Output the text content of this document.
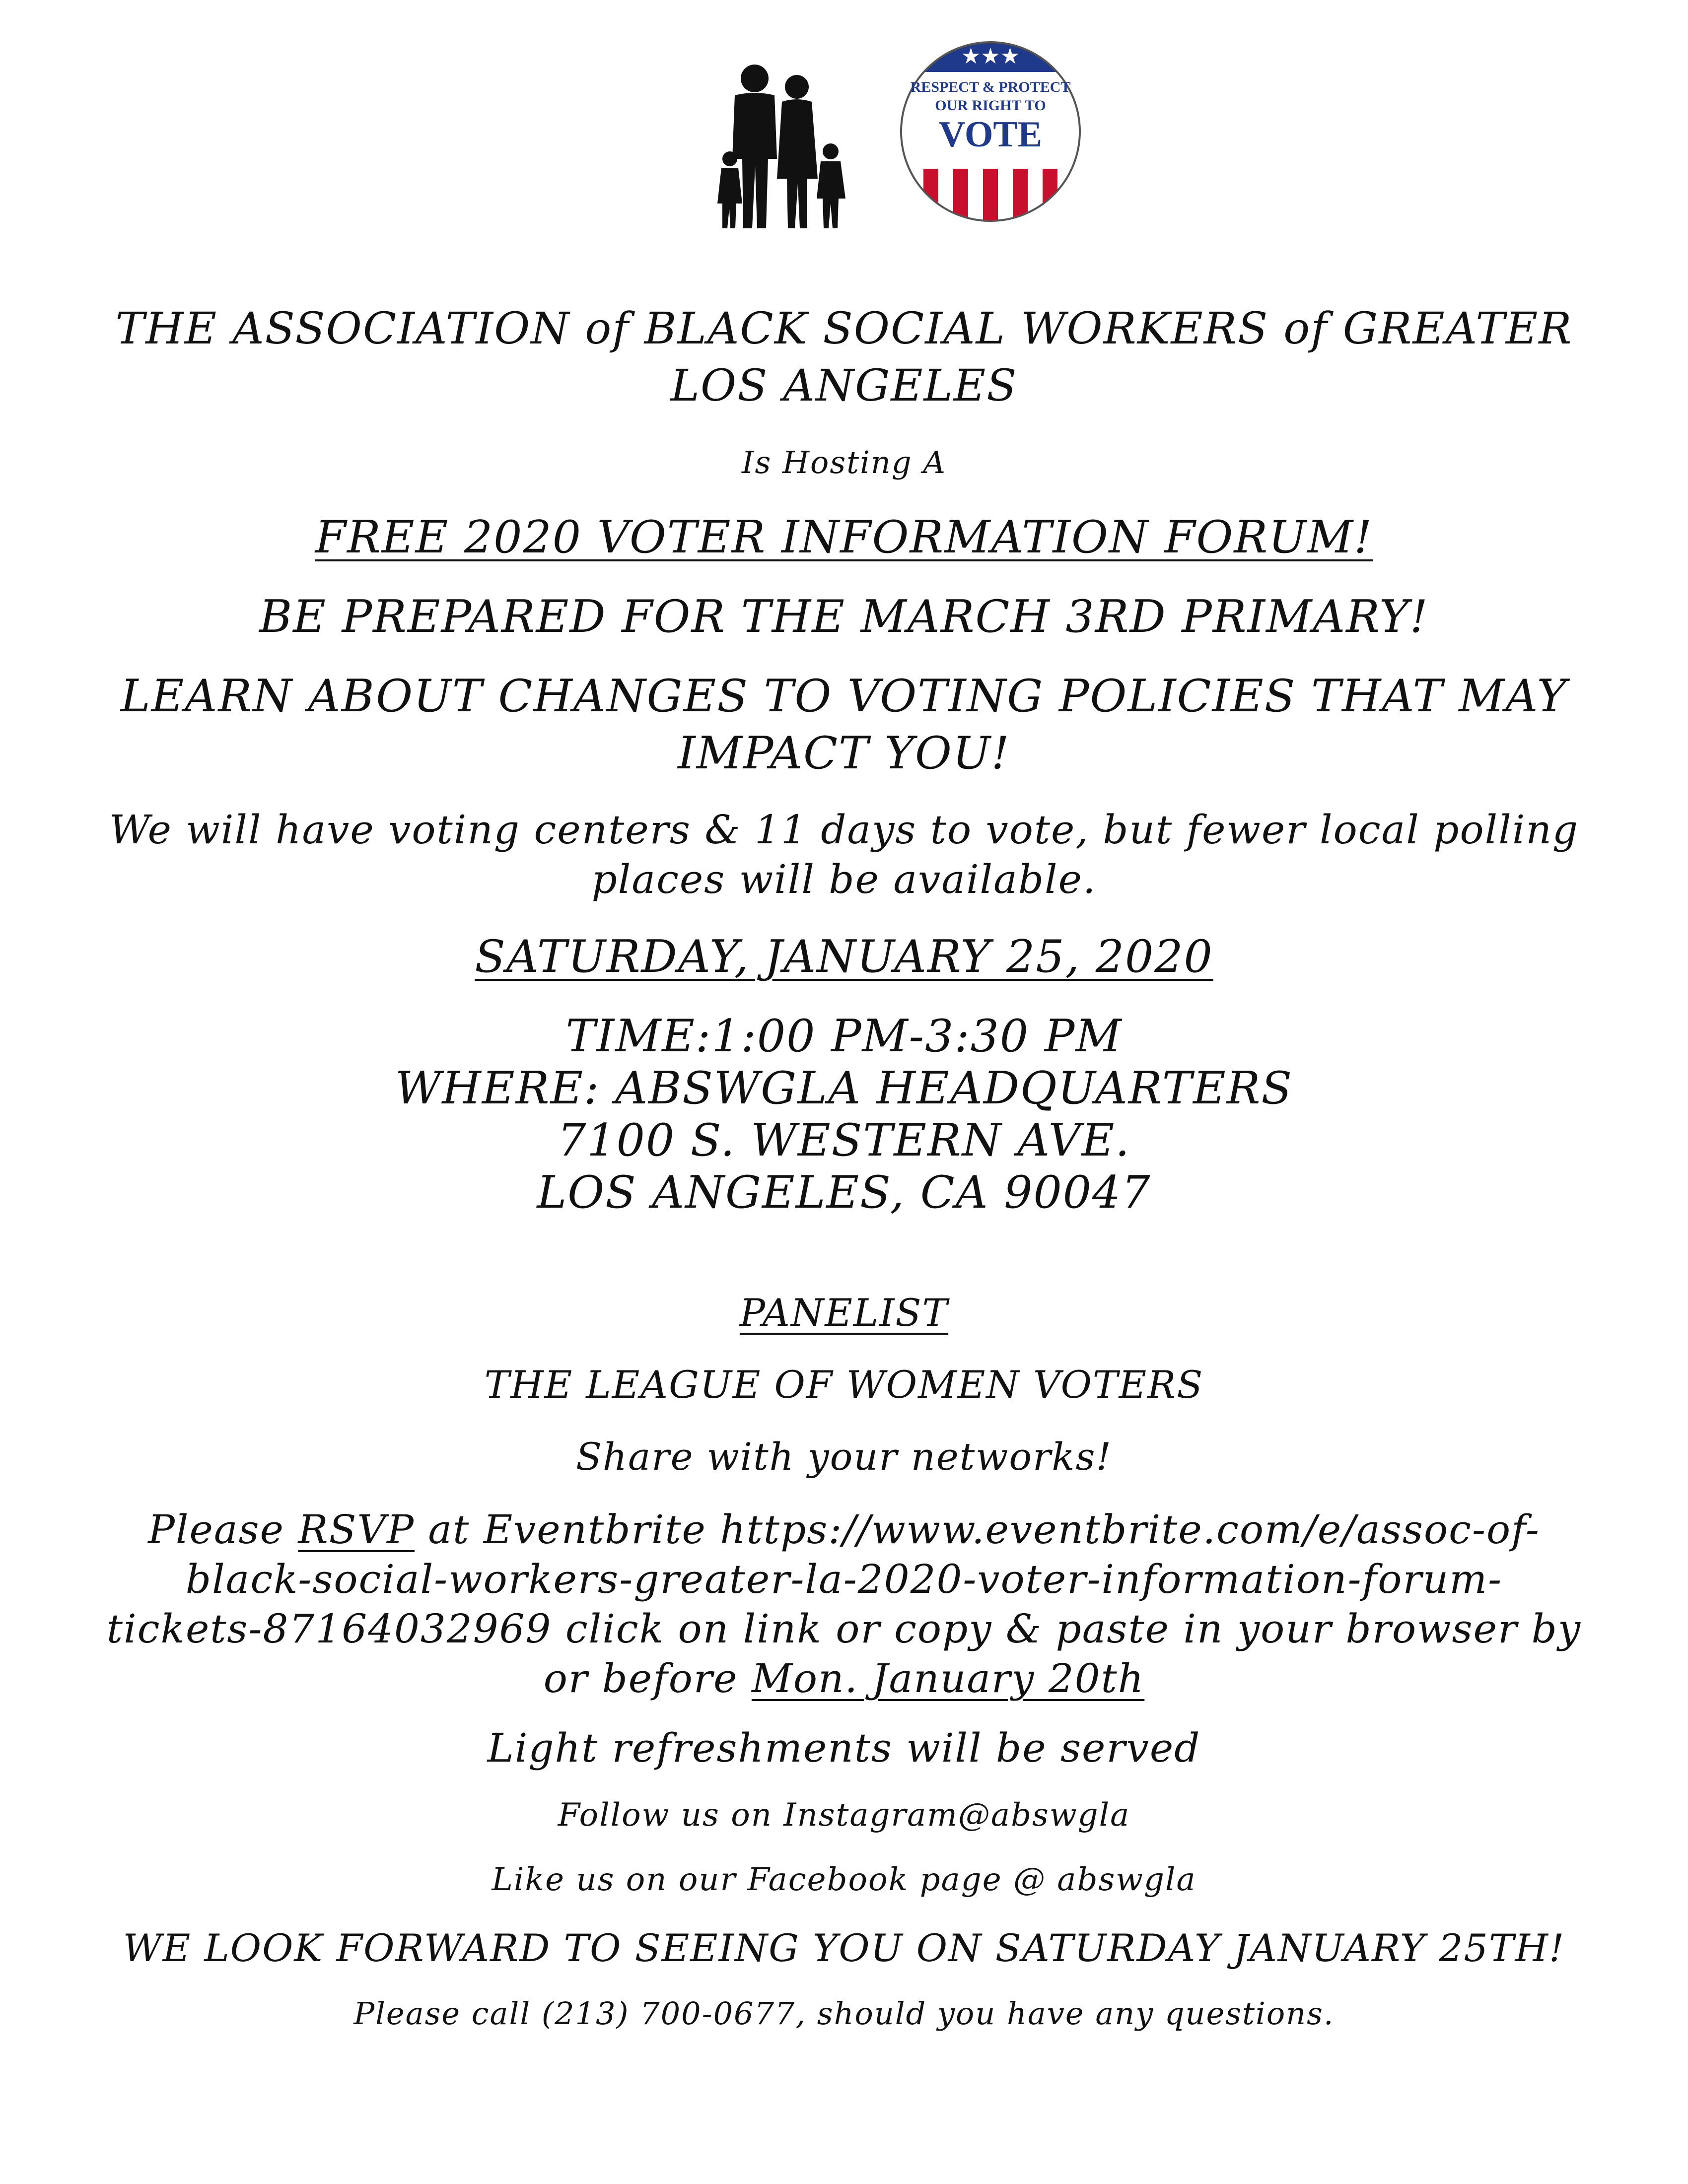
★★★
RESPECT & PROTECT
OUR RIGHT TO
VOTE
THE ASSOCIATION of BLACK SOCIAL WORKERS of GREATER
LOS ANGELES
Is Hosting A
FREE 2020 VOTER INFORMATION FORUM!
BE PREPARED FOR THE MARCH 3RD PRIMARY!
LEARN ABOUT CHANGES TO VOTING POLICIES THAT MAY
IMPACT YOU!
We will have voting centers & 11 days to vote, but fewer local polling
places will be available.
SATURDAY, JANUARY 25, 2020
TIME:1:00 PM-3:30 PM
WHERE: ABSWGLA HEADQUARTERS
7100 S. WESTERN AVE.
LOS ANGELES, CA 90047
PANELIST
THE LEAGUE OF WOMEN VOTERS
Share with your networks!
Please RSVP at Eventbrite https://www.eventbrite.com/e/assoc-of-
black-social-workers-greater-la-2020-voter-information-forum-
tickets-87164032969 click on link or copy & paste in your browser by
or before Mon. January 20th
Light refreshments will be served
Follow us on Instagram@abswgla
Like us on our Facebook page @ abswgla
WE LOOK FORWARD TO SEEING YOU ON SATURDAY JANUARY 25TH!
Please call (213) 700-0677, should you have any questions.
